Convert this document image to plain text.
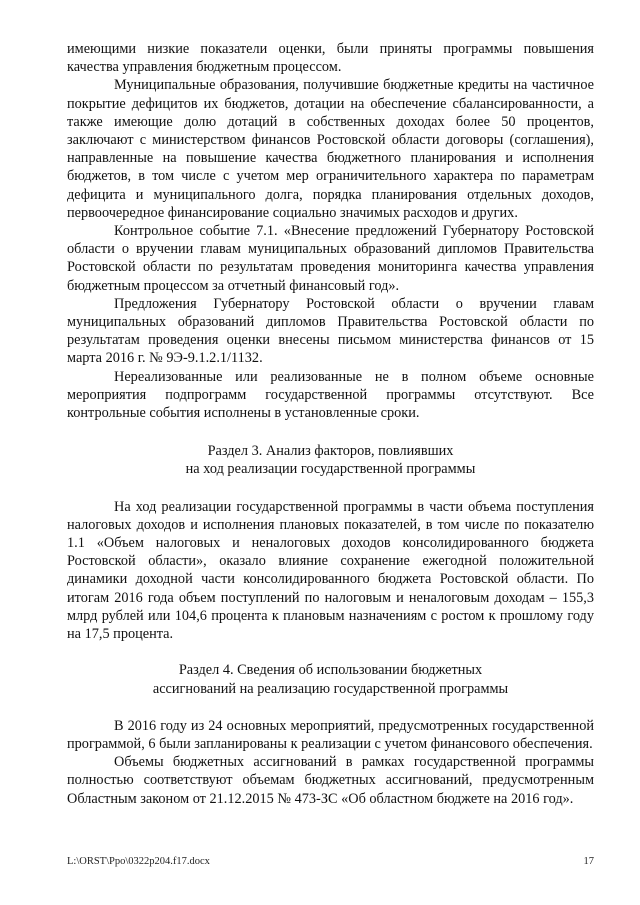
имеющими низкие показатели оценки, были приняты программы повышения качества управления бюджетным процессом.

Муниципальные образования, получившие бюджетные кредиты на частичное покрытие дефицитов их бюджетов, дотации на обеспечение сбалансированности, а также имеющие долю дотаций в собственных доходах более 50 процентов, заключают с министерством финансов Ростовской области договоры (соглашения), направленные на повышение качества бюджетного планирования и исполнения бюджетов, в том числе с учетом мер ограничительного характера по параметрам дефицита и муниципального долга, порядка планирования отдельных доходов, первоочередное финансирование социально значимых расходов и других.

Контрольное событие 7.1. «Внесение предложений Губернатору Ростовской области о вручении главам муниципальных образований дипломов Правительства Ростовской области по результатам проведения мониторинга качества управления бюджетным процессом за отчетный финансовый год».

Предложения Губернатору Ростовской области о вручении главам муниципальных образований дипломов Правительства Ростовской области по результатам проведения оценки внесены письмом министерства финансов от 15 марта 2016 г. № 9Э-9.1.2.1/1132.

Нереализованные или реализованные не в полном объеме основные мероприятия подпрограмм государственной программы отсутствуют. Все контрольные события исполнены в установленные сроки.

Раздел 3. Анализ факторов, повлиявших
на ход реализации государственной программы

На ход реализации государственной программы в части объема поступления налоговых доходов и исполнения плановых показателей, в том числе по показателю 1.1 «Объем налоговых и неналоговых доходов консолидированного бюджета Ростовской области», оказало влияние сохранение ежегодной положительной динамики доходной части консолидированного бюджета Ростовской области. По итогам 2016 года объем поступлений по налоговым и неналоговым доходам – 155,3 млрд рублей или 104,6 процента к плановым назначениям с ростом к прошлому году на 17,5 процента.

Раздел 4. Сведения об использовании бюджетных
ассигнований на реализацию государственной программы

В 2016 году из 24 основных мероприятий, предусмотренных государственной программой, 6 были запланированы к реализации с учетом финансового обеспечения.

Объемы бюджетных ассигнований в рамках государственной программы полностью соответствуют объемам бюджетных ассигнований, предусмотренным Областным законом от 21.12.2015 № 473-ЗС «Об областном бюджете на 2016 год».

L:\ORST\Ppo\0322p204.f17.docx	17
